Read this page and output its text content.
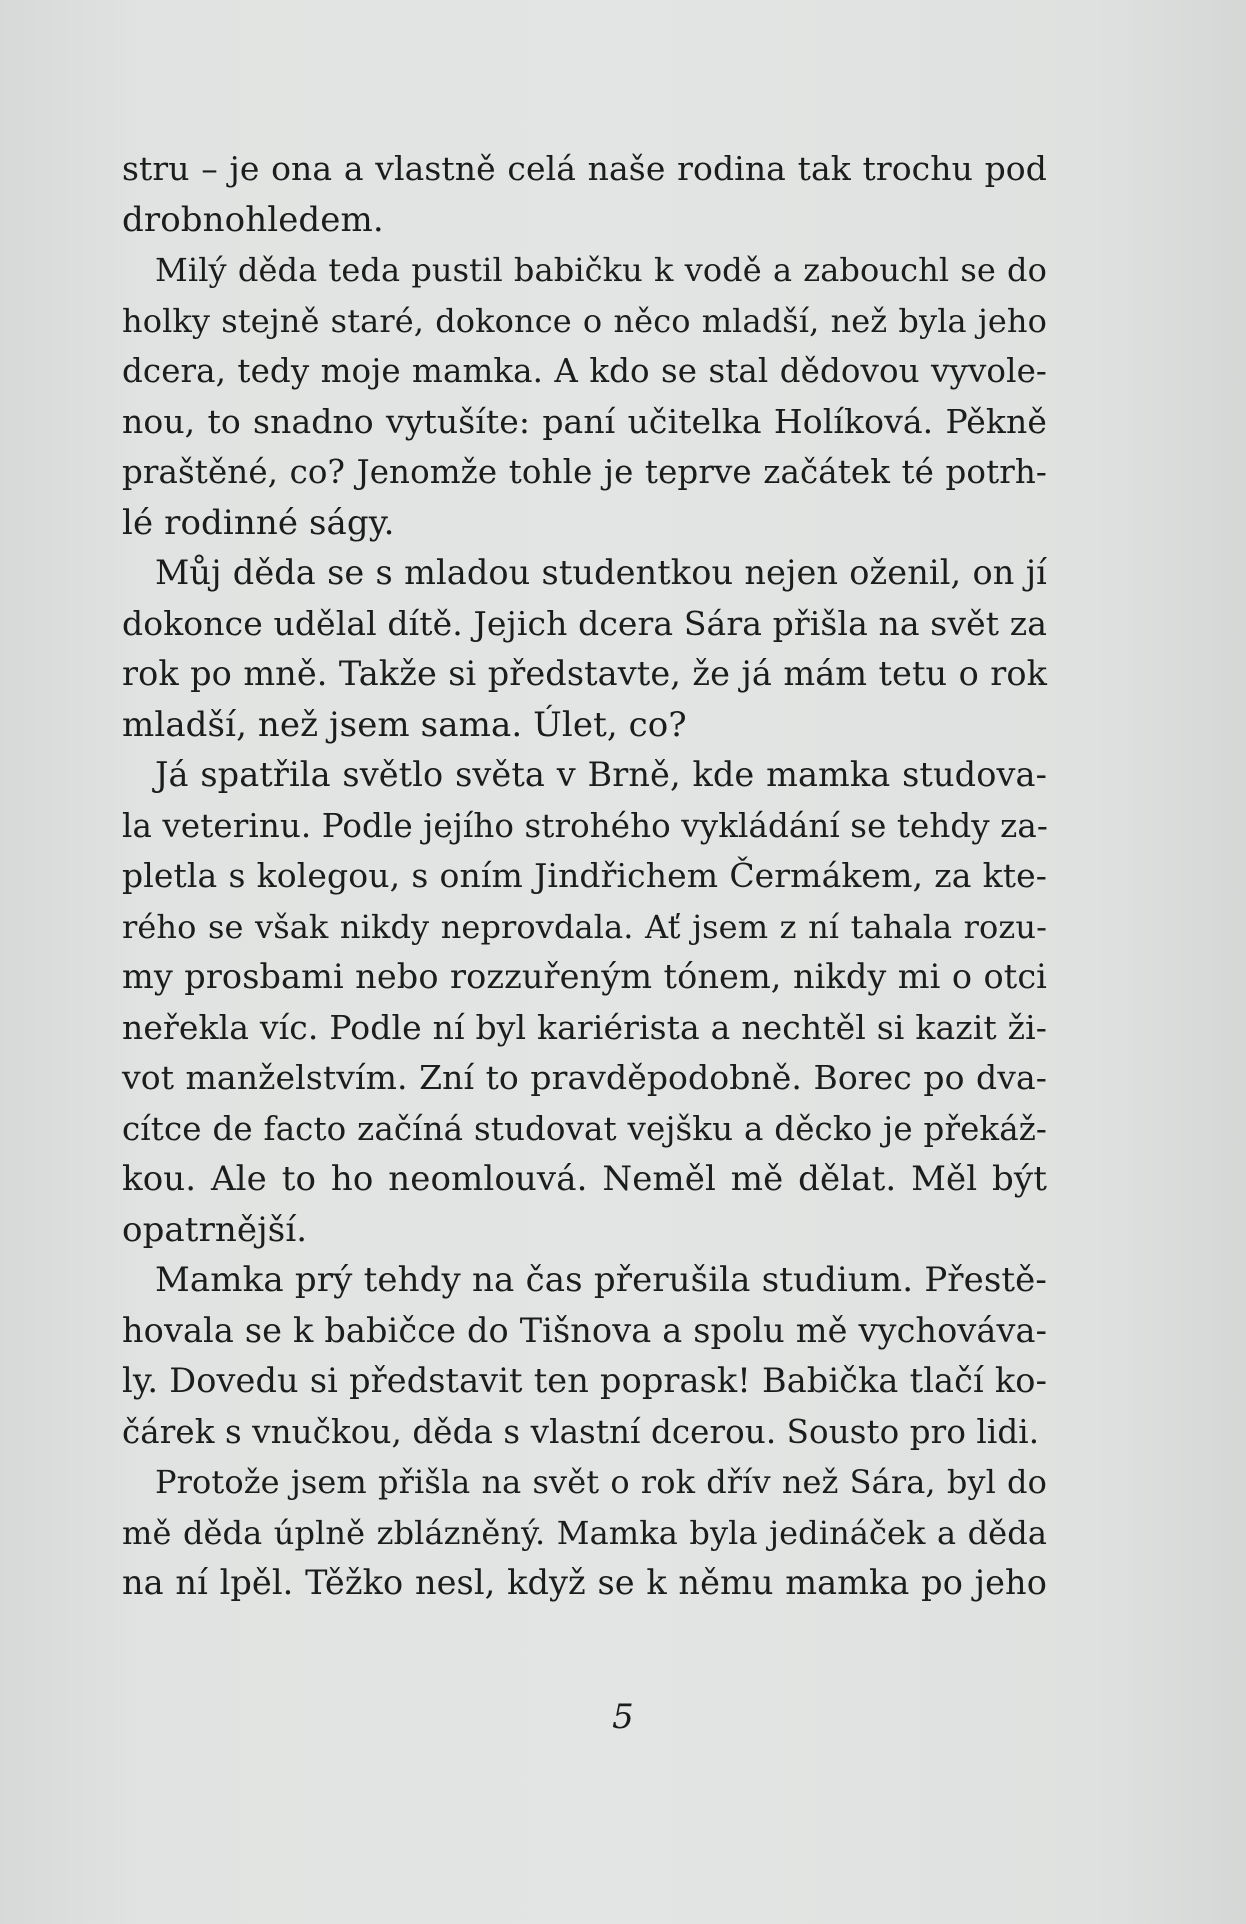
stru – je ona a vlastně celá naše rodina tak trochu pod
drobnohledem.
Milý děda teda pustil babičku k vodě a zabouchl se do
holky stejně staré, dokonce o něco mladší, než byla jeho
dcera, tedy moje mamka. A kdo se stal dědovou vyvole-
nou, to snadno vytušíte: paní učitelka Holíková. Pěkně
praštěné, co? Jenomže tohle je teprve začátek té potrh-
lé rodinné ságy.
Můj děda se s mladou studentkou nejen oženil, on jí
dokonce udělal dítě. Jejich dcera Sára přišla na svět za
rok po mně. Takže si představte, že já mám tetu o rok
mladší, než jsem sama. Úlet, co?
Já spatřila světlo světa v Brně, kde mamka studova-
la veterinu. Podle jejího strohého vykládání se tehdy za-
pletla s kolegou, s oním Jindřichem Čermákem, za kte-
rého se však nikdy neprovdala. Ať jsem z ní tahala rozu-
my prosbami nebo rozzuřeným tónem, nikdy mi o otci
neřekla víc. Podle ní byl kariérista a nechtěl si kazit ži-
vot manželstvím. Zní to pravděpodobně. Borec po dva-
cítce de facto začíná studovat vejšku a děcko je překáž-
kou. Ale to ho neomlouvá. Neměl mě dělat. Měl být
opatrnější.
Mamka prý tehdy na čas přerušila studium. Přestě-
hovala se k babičce do Tišnova a spolu mě vychováva-
ly. Dovedu si představit ten poprask! Babička tlačí ko-
čárek s vnučkou, děda s vlastní dcerou. Sousto pro lidi.
Protože jsem přišla na svět o rok dřív než Sára, byl do
mě děda úplně zblázněný. Mamka byla jedináček a děda
na ní lpěl. Těžko nesl, když se k němu mamka po jeho
5
